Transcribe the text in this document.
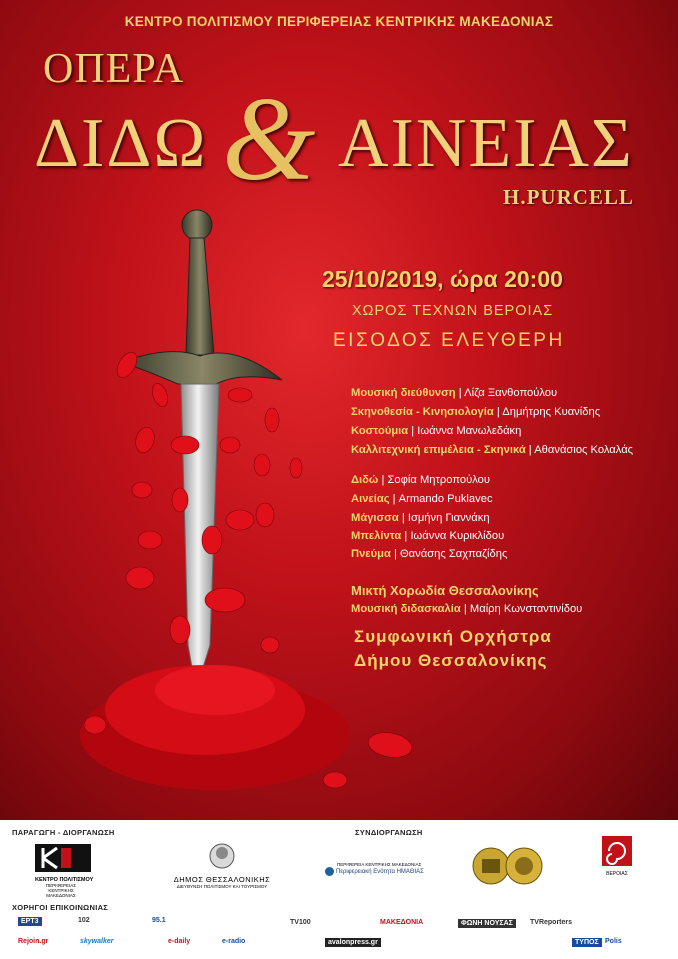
ΚΕΝΤΡΟ ΠΟΛΙΤΙΣΜΟΥ ΠΕΡΙΦΕΡΕΙΑΣ ΚΕΝΤΡΙΚΗΣ ΜΑΚΕΔΟΝΙΑΣ
ΟΠΕΡΑ
ΔΙΔΩ & ΑΙΝΕΙΑΣ
H.PURCELL
25/10/2019, ώρα 20:00
ΧΩΡΟΣ ΤΕΧΝΩΝ ΒΕΡΟΙΑΣ
ΕΙΣΟΔΟΣ ΕΛΕΥΘΕΡΗ
Μουσική διεύθυνση | Λίζα Ξανθοπούλου
Σκηνοθεσία - Κινησιολογία | Δημήτρης Κυανίδης
Κοστούμια | Ιωάννα Μανωλεδάκη
Καλλιτεχνική επιμέλεια - Σκηνικά | Αθανάσιος Κολαλάς
Διδώ | Σοφία Μητροπούλου
Αινείας | Armando Puklavec
Μάγισσα | Ισμήνη Γιαννάκη
Μπελίντα | Ιωάννα Κυρικλίδου
Πνεύμα | Θανάσης Σαχπαζίδης
Μικτή Χορωδία Θεσσαλονίκης
Μουσική διδασκαλία | Μαίρη Κωνσταντινίδου
Συμφωνική Ορχήστρα
Δήμου Θεσσαλονίκης
ΠΑΡΑΓΩΓΗ - ΔΙΟΡΓΑΝΩΣΗ	ΣΥΝΔΙΟΡΓΑΝΩΣΗ
ΚΕΝΤΡΟ ΠΟΛΙΤΙΣΜΟΥ
ΠΕΡΙΦΕΡΕΙΑΣ ΚΕΝΤΡΙΚΗΣ ΜΑΚΕΔΟΝΙΑΣ
ΔΗΜΟΣ ΘΕΣΣΑΛΟΝΙΚΗΣ
ΔΙΕΥΘΥΝΣΗ ΠΟΛΙΤΙΣΜΟΥ ΚΑΙ ΤΟΥΡΙΣΜΟΥ
ΠΕΡΙΦΕΡΕΙΑ ΚΕΝΤΡΙΚΗΣ ΜΑΚΕΔΟΝΙΑΣ
Περιφερειακή Ενότητα ΗΜΑΘΙΑΣ	ΒΕΡΟΙΑΣ
ΧΟΡΗΓΟΙ ΕΠΙΚΟΙΝΩΝΙΑΣ
ΕΡΤ3	102	95.1	TV100	MAKEΔONIA	ΦΩΝΗ ΝΟΥΣΑΣ	TVReporters
Rejoin.gr	skywalker	e-daily	e-radio	avalonpress.gr	Polis
ΤΥΠΟΣ
